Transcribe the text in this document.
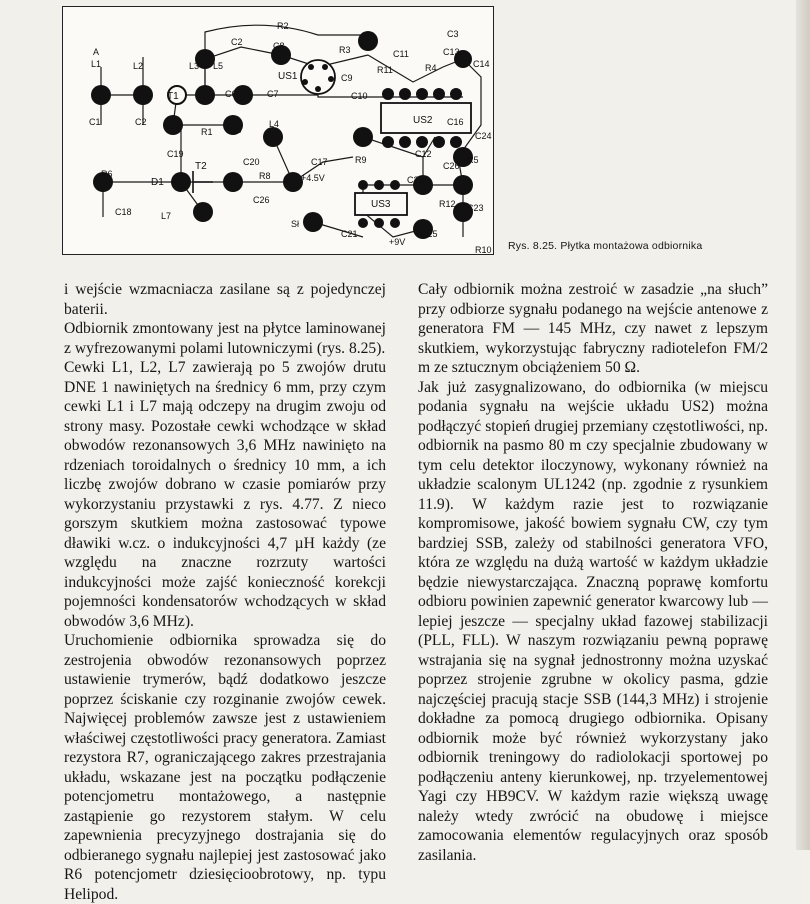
A
L1	L2	L3
L4
L5
L7
C1	C2
C2
C3
C13
C14
C6	C7
C8
C9
C10
C11
C12
C15
C16
C17
C18
C19
C20
C21
C22
C23
C24
C25
C26
C26
R2
R3
R4
R5
R6	R8
R9
R10
R11
R12
R1
T1
T2
D1
US1
US2
US3
+4.5V
+9V
Sł
Rys. 8.25. Płytka montażowa odbiornika

i wejście wzmacniacza zasilane są z pojedynczej baterii.

Odbiornik zmontowany jest na płytce laminowanej z wyfrezowanymi polami lutowniczymi (rys. 8.25).

Cewki L1, L2, L7 zawierają po 5 zwojów drutu DNE 1 nawiniętych na średnicy 6 mm, przy czym cewki L1 i L7 mają odczepy na drugim zwoju od strony masy. Pozostałe cewki wchodzące w skład obwodów rezonansowych 3,6 MHz nawinięto na rdzeniach toroidalnych o średnicy 10 mm, a ich liczbę zwojów dobrano w czasie pomiarów przy wykorzystaniu przystawki z rys. 4.77. Z nieco gorszym skutkiem można zastosować typowe dławiki w.cz. o indukcyjności 4,7 µH każdy (ze względu na znaczne rozrzuty wartości indukcyjności może zajść konieczność korekcji pojemności kondensatorów wchodzących w skład obwodów 3,6 MHz).

Uruchomienie odbiornika sprowadza się do zestrojenia obwodów rezonansowych poprzez ustawienie trymerów, bądź dodatkowo jeszcze poprzez ściskanie czy rozginanie zwojów cewek. Najwięcej problemów zawsze jest z ustawieniem właściwej częstotliwości pracy generatora. Zamiast rezystora R7, ograniczającego zakres przestrajania układu, wskazane jest na początku podłączenie potencjometru montażowego, a następnie zastąpienie go rezystorem stałym. W celu zapewnienia precyzyjnego dostrajania się do odbieranego sygnału najlepiej jest zastosować jako R6 potencjometr dziesięcioobrotowy, np. typu Helipod.

Cały odbiornik można zestroić w zasadzie „na słuch” przy odbiorze sygnału podanego na wejście antenowe z generatora FM — 145 MHz, czy nawet z lepszym skutkiem, wykorzystując fabryczny radiotelefon FM/2 m ze sztucznym obciążeniem 50 Ω.

Jak już zasygnalizowano, do odbiornika (w miejscu podania sygnału na wejście układu US2) można podłączyć stopień drugiej przemiany częstotliwości, np. odbiornik na pasmo 80 m czy specjalnie zbudowany w tym celu detektor iloczynowy, wykonany również na układzie scalonym UL1242 (np. zgodnie z rysunkiem 11.9). W każdym razie jest to rozwiązanie kompromisowe, jakość bowiem sygnału CW, czy tym bardziej SSB, zależy od stabilności generatora VFO, która ze względu na dużą wartość w każdym układzie będzie niewystarczająca. Znaczną poprawę komfortu odbioru powinien zapewnić generator kwarcowy lub — lepiej jeszcze — specjalny układ fazowej stabilizacji (PLL, FLL). W naszym rozwiązaniu pewną poprawę wstrajania się na sygnał jednostronny można uzyskać poprzez strojenie zgrubne w okolicy pasma, gdzie najczęściej pracują stacje SSB (144,3 MHz) i strojenie dokładne za pomocą drugiego odbiornika. Opisany odbiornik może być również wykorzystany jako odbiornik treningowy do radiolokacji sportowej po podłączeniu anteny kierunkowej, np. trzyelementowej Yagi czy HB9CV. W każdym razie większą uwagę należy wtedy zwrócić na obudowę i miejsce zamocowania elementów regulacyjnych oraz sposób zasilania.
